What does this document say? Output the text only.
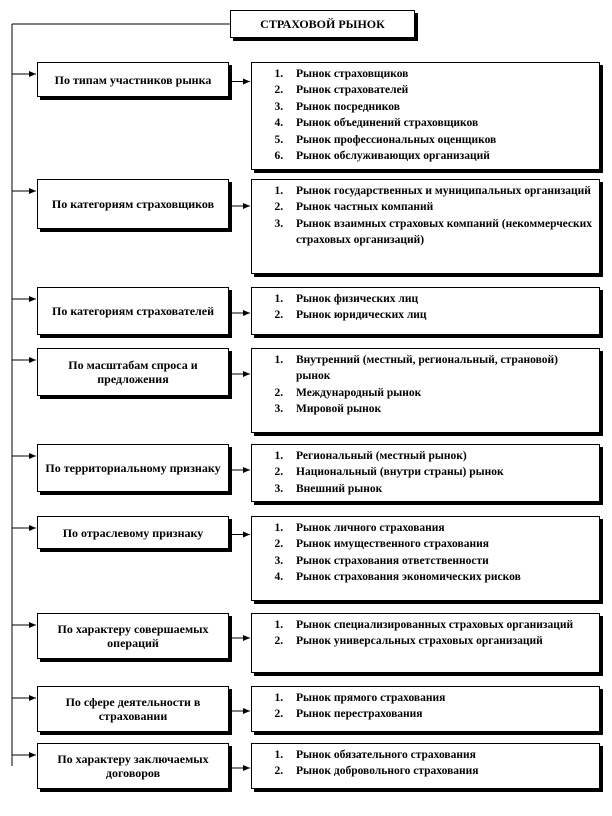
СТРАХОВОЙ РЫНОК
По типам участников рынка	1. Рынок страховщиков
2. Рынок страхователей
3. Рынок посредников
4. Рынок объединений страховщиков
5. Рынок профессиональных оценщиков
6. Рынок обслуживающих организаций
По категориям страховщиков
1. Рынок государственных и муниципальных организаций
2. Рынок частных компаний
3. Рынок взаимных страховых компаний (некоммерческих страховых организаций)
По категориям страхователей
1. Рынок физических лиц
2. Рынок юридических лиц
По масштабам спроса и предложения
1. Внутренний (местный, региональный, страновой) рынок
2. Международный рынок
3. Мировой рынок
По территориальному признаку
1. Региональный (местный рынок)
2. Национальный (внутри страны) рынок
3. Внешний рынок
По отраслевому признаку	1. Рынок личного страхования
2. Рынок имущественного страхования
3. Рынок страхования ответственности
4. Рынок страхования экономических рисков
По характеру совершаемых операций
1. Рынок специализированных страховых организаций
2. Рынок универсальных страховых организаций
По сфере деятельности в страховании
1. Рынок прямого страхования
2. Рынок перестрахования
По характеру заключаемых договоров
1. Рынок обязательного страхования
2. Рынок добровольного страхования
